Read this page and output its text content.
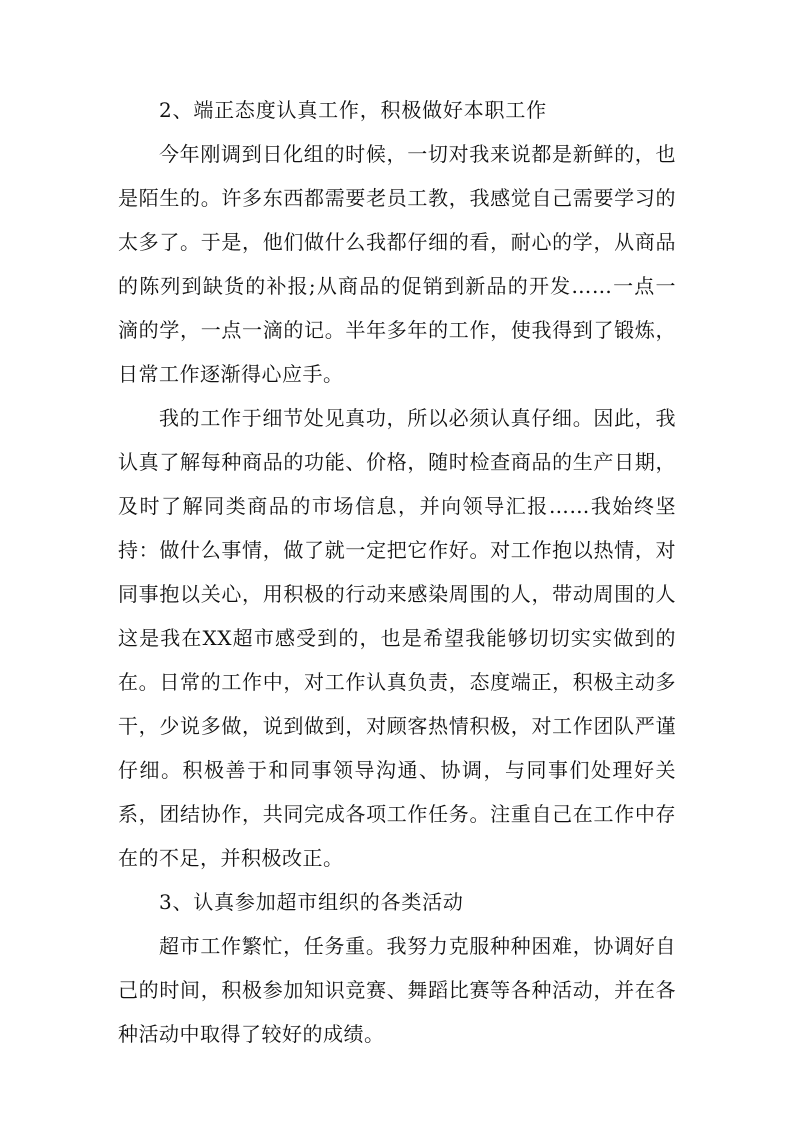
2、端正态度认真工作，积极做好本职工作

今年刚调到日化组的时候，一切对我来说都是新鲜的，也是陌生的。许多东西都需要老员工教，我感觉自己需要学习的太多了。于是，他们做什么我都仔细的看，耐心的学，从商品的陈列到缺货的补报;从商品的促销到新品的开发……一点一滴的学，一点一滴的记。半年多年的工作，使我得到了锻炼，日常工作逐渐得心应手。

我的工作于细节处见真功，所以必须认真仔细。因此，我认真了解每种商品的功能、价格，随时检查商品的生产日期，及时了解同类商品的市场信息，并向领导汇报……我始终坚持：做什么事情，做了就一定把它作好。对工作抱以热情，对同事抱以关心，用积极的行动来感染周围的人，带动周围的人这是我在XX超市感受到的，也是希望我能够切切实实做到的在。日常的工作中，对工作认真负责，态度端正，积极主动多干，少说多做，说到做到，对顾客热情积极，对工作团队严谨仔细。积极善于和同事领导沟通、协调，与同事们处理好关系，团结协作，共同完成各项工作任务。注重自己在工作中存在的不足，并积极改正。

3、认真参加超市组织的各类活动

超市工作繁忙，任务重。我努力克服种种困难，协调好自己的时间，积极参加知识竞赛、舞蹈比赛等各种活动，并在各种活动中取得了较好的成绩。
